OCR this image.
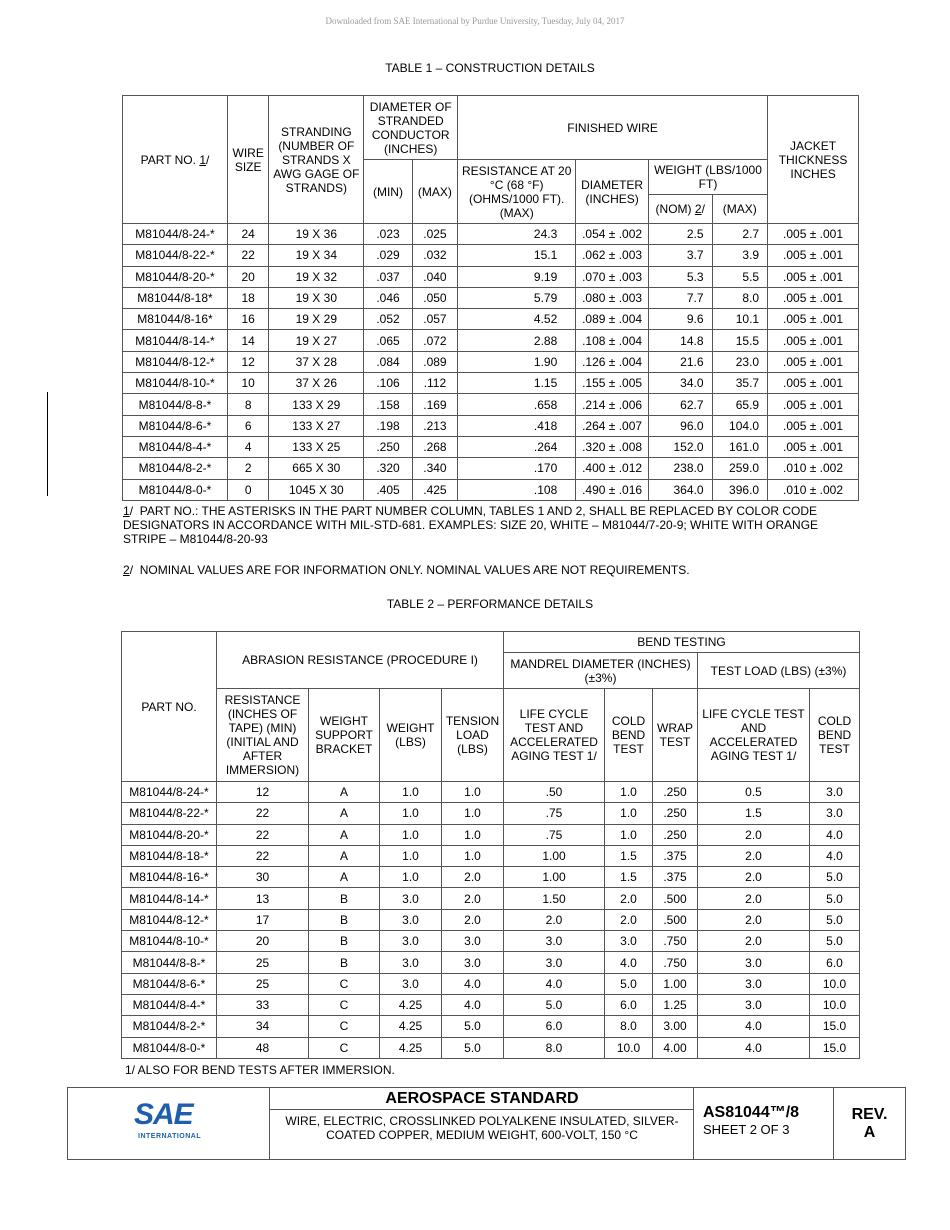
Downloaded from SAE International by Purdue University, Tuesday, July 04, 2017
TABLE 1 – CONSTRUCTION DETAILS
PART NO. 1/	WIRE SIZE	STRANDING (NUMBER OF STRANDS X AWG GAGE OF STRANDS)	DIAMETER OF STRANDED CONDUCTOR (INCHES)		FINISHED WIRE				JACKET THICKNESS INCHES
			(MIN)	(MAX)	RESISTANCE AT 20 °C (68 °F) (OHMS/1000 FT). (MAX)	DIAMETER (INCHES)	WEIGHT (LBS/1000 FT)		
							(NOM) 2/	(MAX)	
M81044/8-24-*	24	19 X 36	.023	.025	24.3	.054 ± .002	2.5	2.7	.005 ± .001
M81044/8-22-*	22	19 X 34	.029	.032	15.1	.062 ± .003	3.7	3.9	.005 ± .001
M81044/8-20-*	20	19 X 32	.037	.040	9.19	.070 ± .003	5.3	5.5	.005 ± .001
M81044/8-18*	18	19 X 30	.046	.050	5.79	.080 ± .003	7.7	8.0	.005 ± .001
M81044/8-16*	16	19 X 29	.052	.057	4.52	.089 ± .004	9.6	10.1	.005 ± .001
M81044/8-14-*	14	19 X 27	.065	.072	2.88	.108 ± .004	14.8	15.5	.005 ± .001
M81044/8-12-*	12	37 X 28	.084	.089	1.90	.126 ± .004	21.6	23.0	.005 ± .001
M81044/8-10-*	10	37 X 26	.106	.112	1.15	.155 ± .005	34.0	35.7	.005 ± .001
M81044/8-8-*	8	133 X 29	.158	.169	.658	.214 ± .006	62.7	65.9	.005 ± .001
M81044/8-6-*	6	133 X 27	.198	.213	.418	.264 ± .007	96.0	104.0	.005 ± .001
M81044/8-4-*	4	133 X 25	.250	.268	.264	.320 ± .008	152.0	161.0	.005 ± .001
M81044/8-2-*	2	665 X 30	.320	.340	.170	.400 ± .012	238.0	259.0	.010 ± .002
M81044/8-0-*	0	1045 X 30	.405	.425	.108	.490 ± .016	364.0	396.0	.010 ± .002
1/  PART NO.: THE ASTERISKS IN THE PART NUMBER COLUMN, TABLES 1 AND 2, SHALL BE REPLACED BY COLOR CODE DESIGNATORS IN ACCORDANCE WITH MIL-STD-681. EXAMPLES: SIZE 20, WHITE – M81044/7-20-9; WHITE WITH ORANGE STRIPE – M81044/8-20-93
2/  NOMINAL VALUES ARE FOR INFORMATION ONLY. NOMINAL VALUES ARE NOT REQUIREMENTS.
TABLE 2 – PERFORMANCE DETAILS
PART NO.	ABRASION RESISTANCE (PROCEDURE I)				BEND TESTING				
					MANDREL DIAMETER (INCHES) (±3%)			TEST LOAD (LBS) (±3%)	
	RESISTANCE (INCHES OF TAPE) (MIN) (INITIAL AND AFTER IMMERSION)	WEIGHT SUPPORT BRACKET	WEIGHT (LBS)	TENSION LOAD (LBS)	LIFE CYCLE TEST AND ACCELERATED AGING TEST 1/	COLD BEND TEST	WRAP TEST	LIFE CYCLE TEST AND ACCELERATED AGING TEST 1/	COLD BEND TEST
M81044/8-24-*	12	A	1.0	1.0	.50	1.0	.250	0.5	3.0
M81044/8-22-*	22	A	1.0	1.0	.75	1.0	.250	1.5	3.0
M81044/8-20-*	22	A	1.0	1.0	.75	1.0	.250	2.0	4.0
M81044/8-18-*	22	A	1.0	1.0	1.00	1.5	.375	2.0	4.0
M81044/8-16-*	30	A	1.0	2.0	1.00	1.5	.375	2.0	5.0
M81044/8-14-*	13	B	3.0	2.0	1.50	2.0	.500	2.0	5.0
M81044/8-12-*	17	B	3.0	2.0	2.0	2.0	.500	2.0	5.0
M81044/8-10-*	20	B	3.0	3.0	3.0	3.0	.750	2.0	5.0
M81044/8-8-*	25	B	3.0	3.0	3.0	4.0	.750	3.0	6.0
M81044/8-6-*	25	C	3.0	4.0	4.0	5.0	1.00	3.0	10.0
M81044/8-4-*	33	C	4.25	4.0	5.0	6.0	1.25	3.0	10.0
M81044/8-2-*	34	C	4.25	5.0	6.0	8.0	3.00	4.0	15.0
M81044/8-0-*	48	C	4.25	5.0	8.0	10.0	4.00	4.0	15.0
1/ ALSO FOR BEND TESTS AFTER IMMERSION.
SAE
INTERNATIONAL
AEROSPACE STANDARD
WIRE, ELECTRIC, CROSSLINKED POLYALKENE INSULATED, SILVER-COATED COPPER, MEDIUM WEIGHT, 600-VOLT, 150 °C
AS81044™/8
SHEET 2 OF 3
REV.
A
